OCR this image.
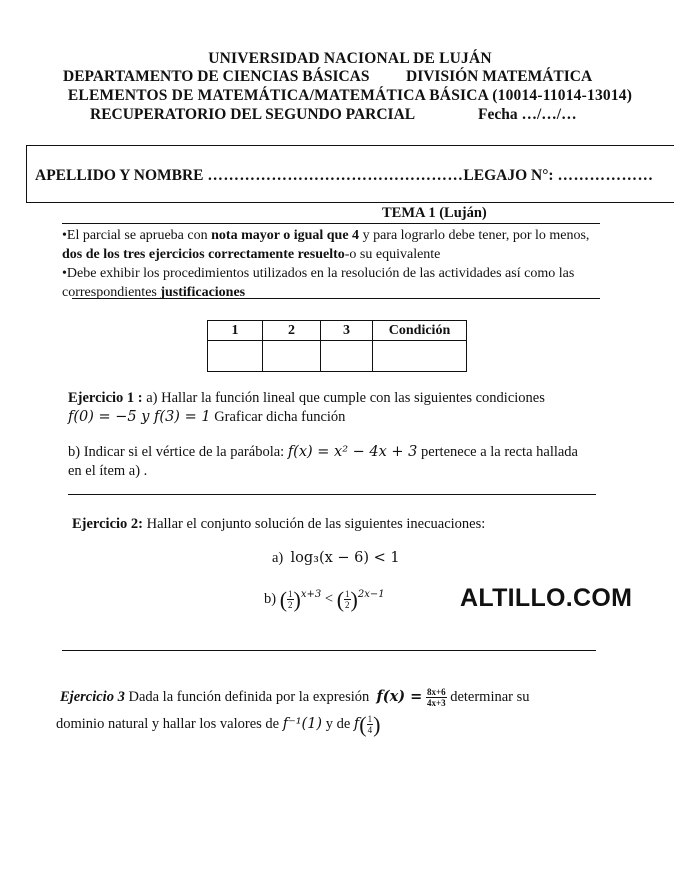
UNIVERSIDAD NACIONAL DE LUJÁN
DEPARTAMENTO DE CIENCIAS BÁSICAS DIVISIÓN MATEMÁTICA
ELEMENTOS DE MATEMÁTICA/MATEMÁTICA BÁSICA (10014-11014-13014)
RECUPERATORIO DEL SEGUNDO PARCIAL	Fecha …/…/…
APELLIDO Y NOMBRE …………………………………………LEGAJO N°: ………………
TEMA 1 (Luján)
•El parcial se aprueba con nota mayor o igual que 4 y para lograrlo debe tener, por lo menos, dos de los tres ejercicios correctamente resuelto-o su equivalente
•Debe exhibir los procedimientos utilizados en la resolución de las actividades así como las correspondientes justificaciones
1	2	3	Condición

Ejercicio 1 : a) Hallar la función lineal que cumple con las siguientes condiciones
f(0) = −5 y f(3) = 1 Graficar dicha función
b) Indicar si el vértice de la parábola: f(x) = x² − 4x + 3 pertenece a la recta hallada
en el ítem a) .
Ejercicio 2: Hallar el conjunto solución de las siguientes inecuaciones:
a) log₃(x − 6) < 1
b) ( $\frac{1}{2} )^{x+3}$ < ( $\frac{1}{2} )^{2x-1}$	ALTILLO.COM
Ejercicio 3 Dada la función definida por la expresión $f(x) = \frac{8x+6}{4x+3}$ determinar su
dominio natural y hallar los valores de f⁻¹(1) y de $f( \frac{1}{4}$ )
